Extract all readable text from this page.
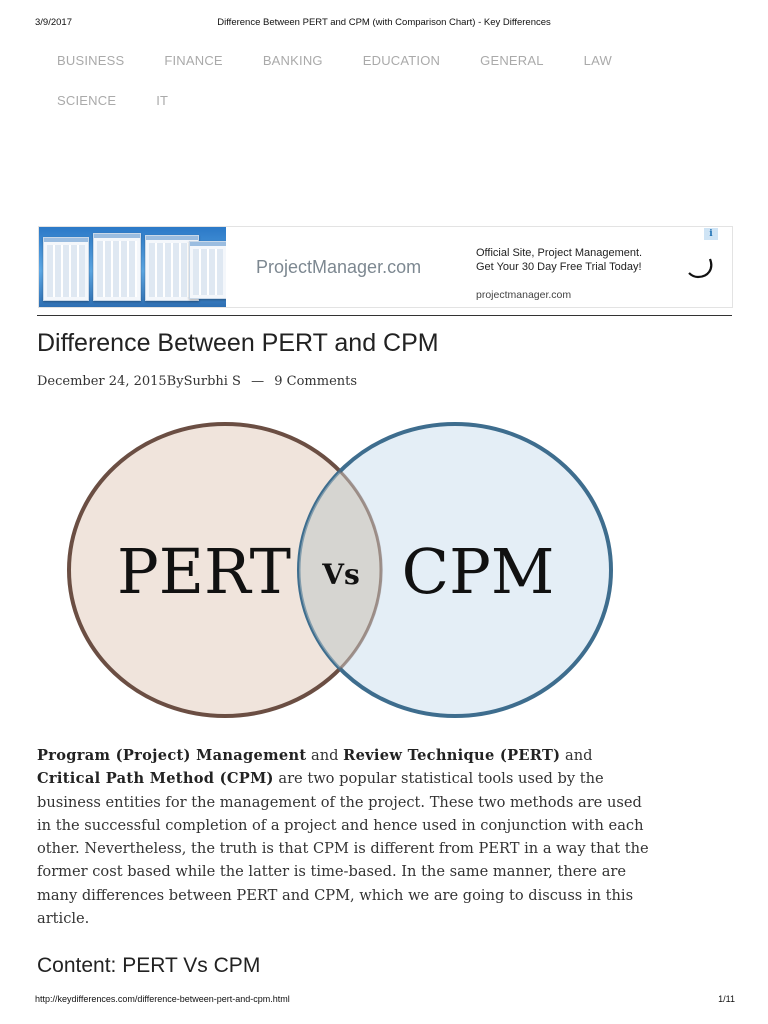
3/9/2017	Difference Between PERT and CPM (with Comparison Chart) - Key Differences
BUSINESS	FINANCE	BANKING	EDUCATION	GENERAL	LAW
SCIENCE	IT
ProjectManager.com
Official Site, Project Management.
Get Your 30 Day Free Trial Today!
projectmanager.com
i
Difference Between PERT and CPM
December 24, 2015BySurbhi S — 9 Comments
PERT Vs CPM

Program (Project) Management and Review Technique (PERT) and Critical Path Method (CPM) are two popular statistical tools used by the business entities for the management of the project. These two methods are used in the successful completion of a project and hence used in conjunction with each other. Nevertheless, the truth is that CPM is different from PERT in a way that the former cost based while the latter is time-based. In the same manner, there are many differences between PERT and CPM, which we are going to discuss in this article.

Content: PERT Vs CPM
http://keydifferences.com/difference-between-pert-and-cpm.html	1/11
